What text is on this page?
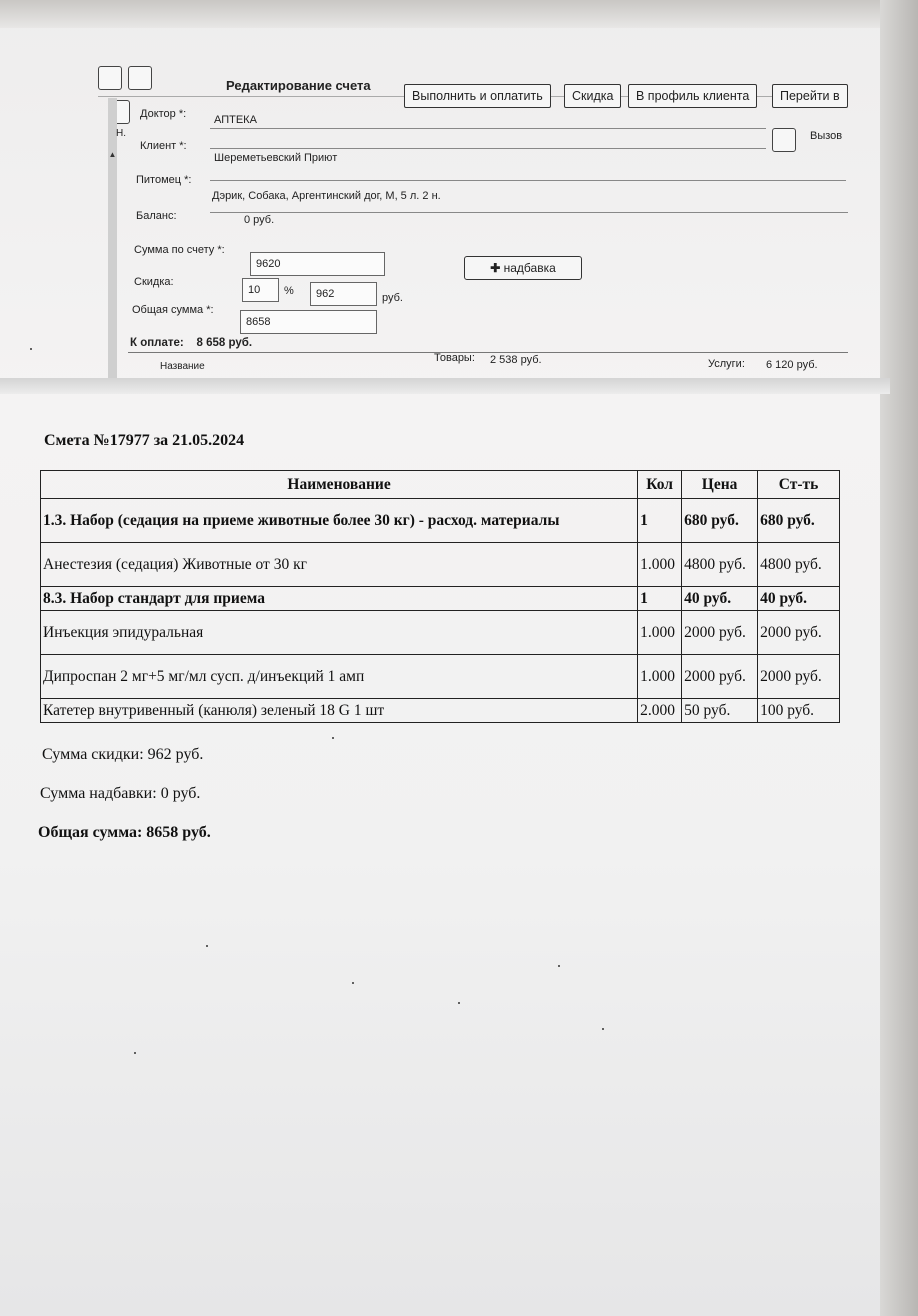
Редактирование счета
Выполнить и оплатить	Скидка	В профиль клиента	Перейти в
▲
Н.
Доктор *:	АПТЕКА
Вызов
Клиент *:
Шереметьевский Приют
Питомец *:
Дэрик, Собака, Аргентинский дог, М, 5 л. 2 н.
Баланс:	0 руб.
Сумма по счету *:
9620	✚ надбавка
Скидка:
10	%	962	руб.
Общая сумма *:
8658
К оплате: 8 658 руб.
Товары: 2 538 руб.	Услуги: 6 120 руб.
Название
Смета №17977 за 21.05.2024
Наименование	Кол	Цена	Ст-ть
1.3. Набор (седация на приеме животные более 30 кг) - расход. материалы	1	680 руб.	680 руб.
Анестезия (седация) Животные от 30 кг	1.000	4800 руб.	4800 руб.
8.3. Набор стандарт для приема	1	40 руб.	40 руб.
Инъекция эпидуральная	1.000	2000 руб.	2000 руб.
Дипроспан 2 мг+5 мг/мл сусп. д/инъекций 1 амп	1.000	2000 руб.	2000 руб.
Катетер внутривенный (канюля) зеленый 18 G 1 шт	2.000	50 руб.	100 руб.
Сумма скидки: 962 руб.
Сумма надбавки: 0 руб.
Общая сумма: 8658 руб.
